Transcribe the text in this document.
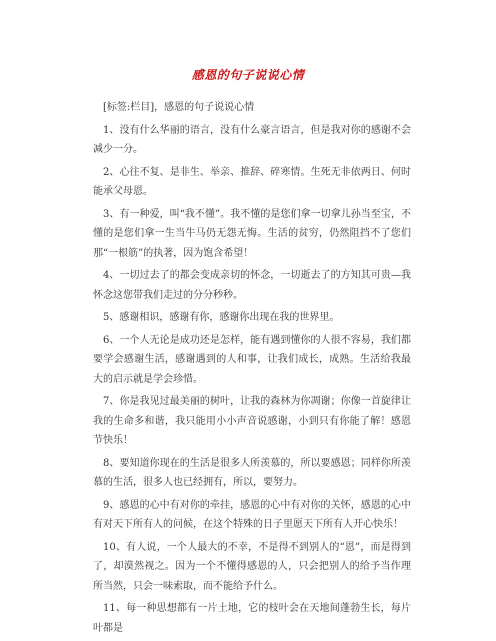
感恩的句子说说心情

[标签:栏目]，感恩的句子说说心情

1、没有什么华丽的语言，没有什么豪言语言，但是我对你的感谢不会减少一分。

2、心往不复、是非生、举亲、推辞、碎寒情。生死无非依两日、何时能承父母恩。

3、有一种爱，叫“我不懂”。我不懂的是您们拿一切拿儿孙当至宝，不懂的是您们拿一生当牛马仍无怨无悔。生活的贫穷，仍然阻挡不了您们那“一根筋”的执著，因为饱含希望！

4、一切过去了的都会变成亲切的怀念，一切逝去了的方知其可贵—我怀念这您带我们走过的分分秒秒。

5、感谢相识，感谢有你，感谢你出现在我的世界里。

6、一个人无论是成功还是怎样，能有遇到懂你的人很不容易，我们都要学会感谢生活，感谢遇到的人和事，让我们成长，成熟。生活给我最大的启示就是学会珍惜。

7、你是我见过最美丽的树叶，让我的森林为你凋谢；你像一首旋律让我的生命多和谐，我只能用小小声音说感谢，小到只有你能了解！感恩节快乐！

8、要知道你现在的生活是很多人所羡慕的，所以要感恩；同样你所羡慕的生活，很多人也已经拥有，所以，要努力。

9、感恩的心中有对你的牵挂，感恩的心中有对你的关怀，感恩的心中有对天下所有人的问候，在这个特殊的日子里愿天下所有人开心快乐！

10、有人说，一个人最大的不幸，不是得不到别人的“恩”，而是得到了，却漠然视之。因为一个不懂得感恩的人，只会把别人的给予当作理所当然，只会一味索取，而不能给予什么。

11、每一种思想都有一片土地，它的枝叶会在天地间蓬勃生长，每片叶都是
